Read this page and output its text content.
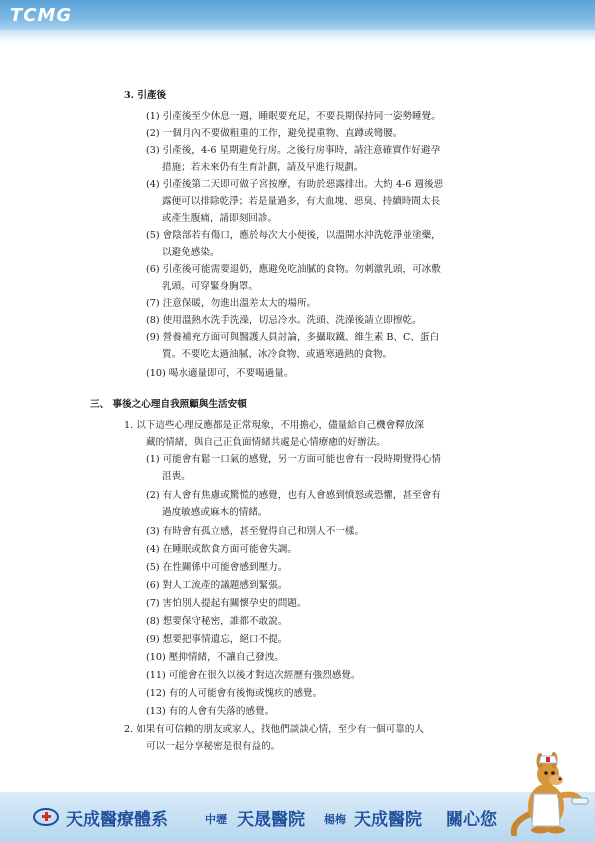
TCMG
3. 引產後
(1) 引產後至少休息一週，睡眠要充足，不要長期保持同一姿勢睡覺。
(2) 一個月內不要做粗重的工作，避免提重物、直蹲或彎腰。
(3) 引產後，4-6 星期避免行房。之後行房事時，請注意確實作好避孕
措施；若未來仍有生育計劃，請及早進行規劃。
(4) 引產後第二天即可做子宮按摩，有助於惡露排出。大約 4-6 週後惡
露便可以排除乾淨；若是量過多，有大血塊、惡臭、持續時間太長
或產生腹痛，請即刻回診。
(5) 會陰部若有傷口，應於每次大小便後，以溫開水沖洗乾淨並塗藥，
以避免感染。
(6) 引產後可能需要退奶，應避免吃油膩的食物。勿刺激乳頭，可冰敷
乳頭。可穿緊身胸罩。
(7) 注意保暖，勿進出溫差太大的場所。
(8) 使用溫熱水洗手洗澡，切忌冷水。洗頭、洗澡後請立即擦乾。
(9) 營養補充方面可與醫護人員討論，多攝取鐵、維生素 B、C、蛋白
質。不要吃太過油膩、冰冷食物、或過寒過熱的食物。
(10) 喝水適量即可，不要喝過量。
三、 事後之心理自我照顧與生活安頓
1. 以下這些心理反應都是正常現象，不用擔心，儘量給自己機會釋放深
藏的情緒，與自己正負面情緒共處是心情療癒的好辦法。
(1) 可能會有鬆一口氣的感覺，另一方面可能也會有一段時期覺得心情
沮喪。
(2) 有人會有焦慮或驚慌的感覺，也有人會感到憤怒或恐懼，甚至會有
過度敏感或麻木的情緒。
(3) 有時會有孤立感，甚至覺得自己和別人不一樣。
(4) 在睡眠或飲食方面可能會失調。
(5) 在性關係中可能會感到壓力。
(6) 對人工流產的議題感到緊張。
(7) 害怕別人提起有關懷孕史的問題。
(8) 想要保守秘密，誰都不敢說。
(9) 想要把事情遺忘，絕口不提。
(10) 壓抑情緒，不讓自己發洩。
(11) 可能會在很久以後才對這次經歷有強烈感覺。
(12) 有的人可能會有後悔或愧疚的感覺。
(13) 有的人會有失落的感覺。
2. 如果有可信賴的朋友或家人，找他們談談心情，至少有一個可靠的人
可以一起分享秘密是很有益的。
天成醫療體系	中壢 天晟醫院 楊梅 天成醫院 關心您
